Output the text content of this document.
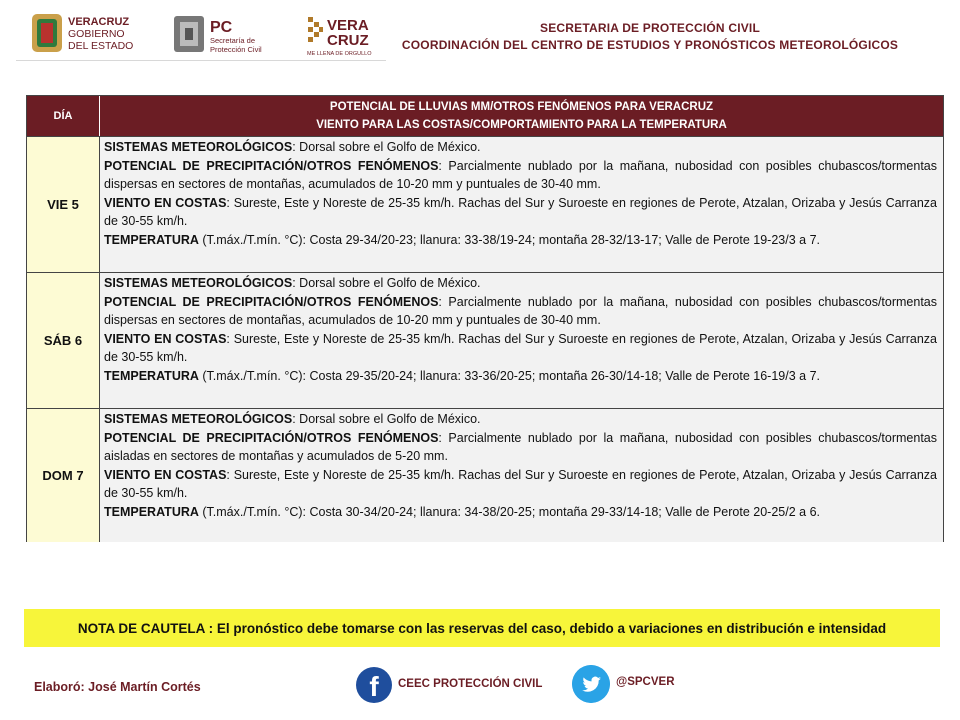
VERACRUZ
GOBIERNO
DEL ESTADO
PC
Secretaría de
Protección Civil
VERA
CRUZ
ME LLENA DE ORGULLO
SECRETARIA DE PROTECCIÓN CIVIL
COORDINACIÓN DEL CENTRO DE ESTUDIOS Y PRONÓSTICOS METEOROLÓGICOS
DÍA
POTENCIAL DE LLUVIAS MM/OTROS FENÓMENOS PARA VERACRUZ
VIENTO PARA LAS COSTAS/COMPORTAMIENTO PARA LA TEMPERATURA
VIE 5

SISTEMAS METEOROLÓGICOS: Dorsal sobre el Golfo de México.

POTENCIAL DE PRECIPITACIÓN/OTROS FENÓMENOS: Parcialmente nublado por la mañana, nubosidad con posibles chubascos/tormentas dispersas en sectores de montañas, acumulados de 10-20 mm y puntuales de 30-40 mm.

VIENTO EN COSTAS: Sureste, Este y Noreste de 25-35 km/h. Rachas del Sur y Suroeste en regiones de Perote, Atzalan, Orizaba y Jesús Carranza de 30-55 km/h.

TEMPERATURA (T.máx./T.mín. °C): Costa 29-34/20-23; llanura: 33-38/19-24; montaña 28-32/13-17; Valle de Perote 19-23/3 a 7.

SÁB 6

SISTEMAS METEOROLÓGICOS: Dorsal sobre el Golfo de México.

POTENCIAL DE PRECIPITACIÓN/OTROS FENÓMENOS: Parcialmente nublado por la mañana, nubosidad con posibles chubascos/tormentas dispersas en sectores de montañas, acumulados de 10-20 mm y puntuales de 30-40 mm.

VIENTO EN COSTAS: Sureste, Este y Noreste de 25-35 km/h. Rachas del Sur y Suroeste en regiones de Perote, Atzalan, Orizaba y Jesús Carranza de 30-55 km/h.

TEMPERATURA (T.máx./T.mín. °C): Costa 29-35/20-24; llanura: 33-36/20-25; montaña 26-30/14-18; Valle de Perote 16-19/3 a 7.

DOM 7

SISTEMAS METEOROLÓGICOS: Dorsal sobre el Golfo de México.

POTENCIAL DE PRECIPITACIÓN/OTROS FENÓMENOS: Parcialmente nublado por la mañana, nubosidad con posibles chubascos/tormentas aisladas en sectores de montañas y acumulados de 5-20 mm.

VIENTO EN COSTAS: Sureste, Este y Noreste de 25-35 km/h. Rachas del Sur y Suroeste en regiones de Perote, Atzalan, Orizaba y Jesús Carranza de 30-55 km/h.

TEMPERATURA (T.máx./T.mín. °C): Costa 30-34/20-24; llanura: 34-38/20-25; montaña 29-33/14-18; Valle de Perote 20-25/2 a 6.

NOTA DE CAUTELA : El pronóstico debe tomarse con las reservas del caso, debido a variaciones en distribución e intensidad
Elaboró: José Martín Cortés	f	CEEC PROTECCIÓN CIVIL	@SPCVER
